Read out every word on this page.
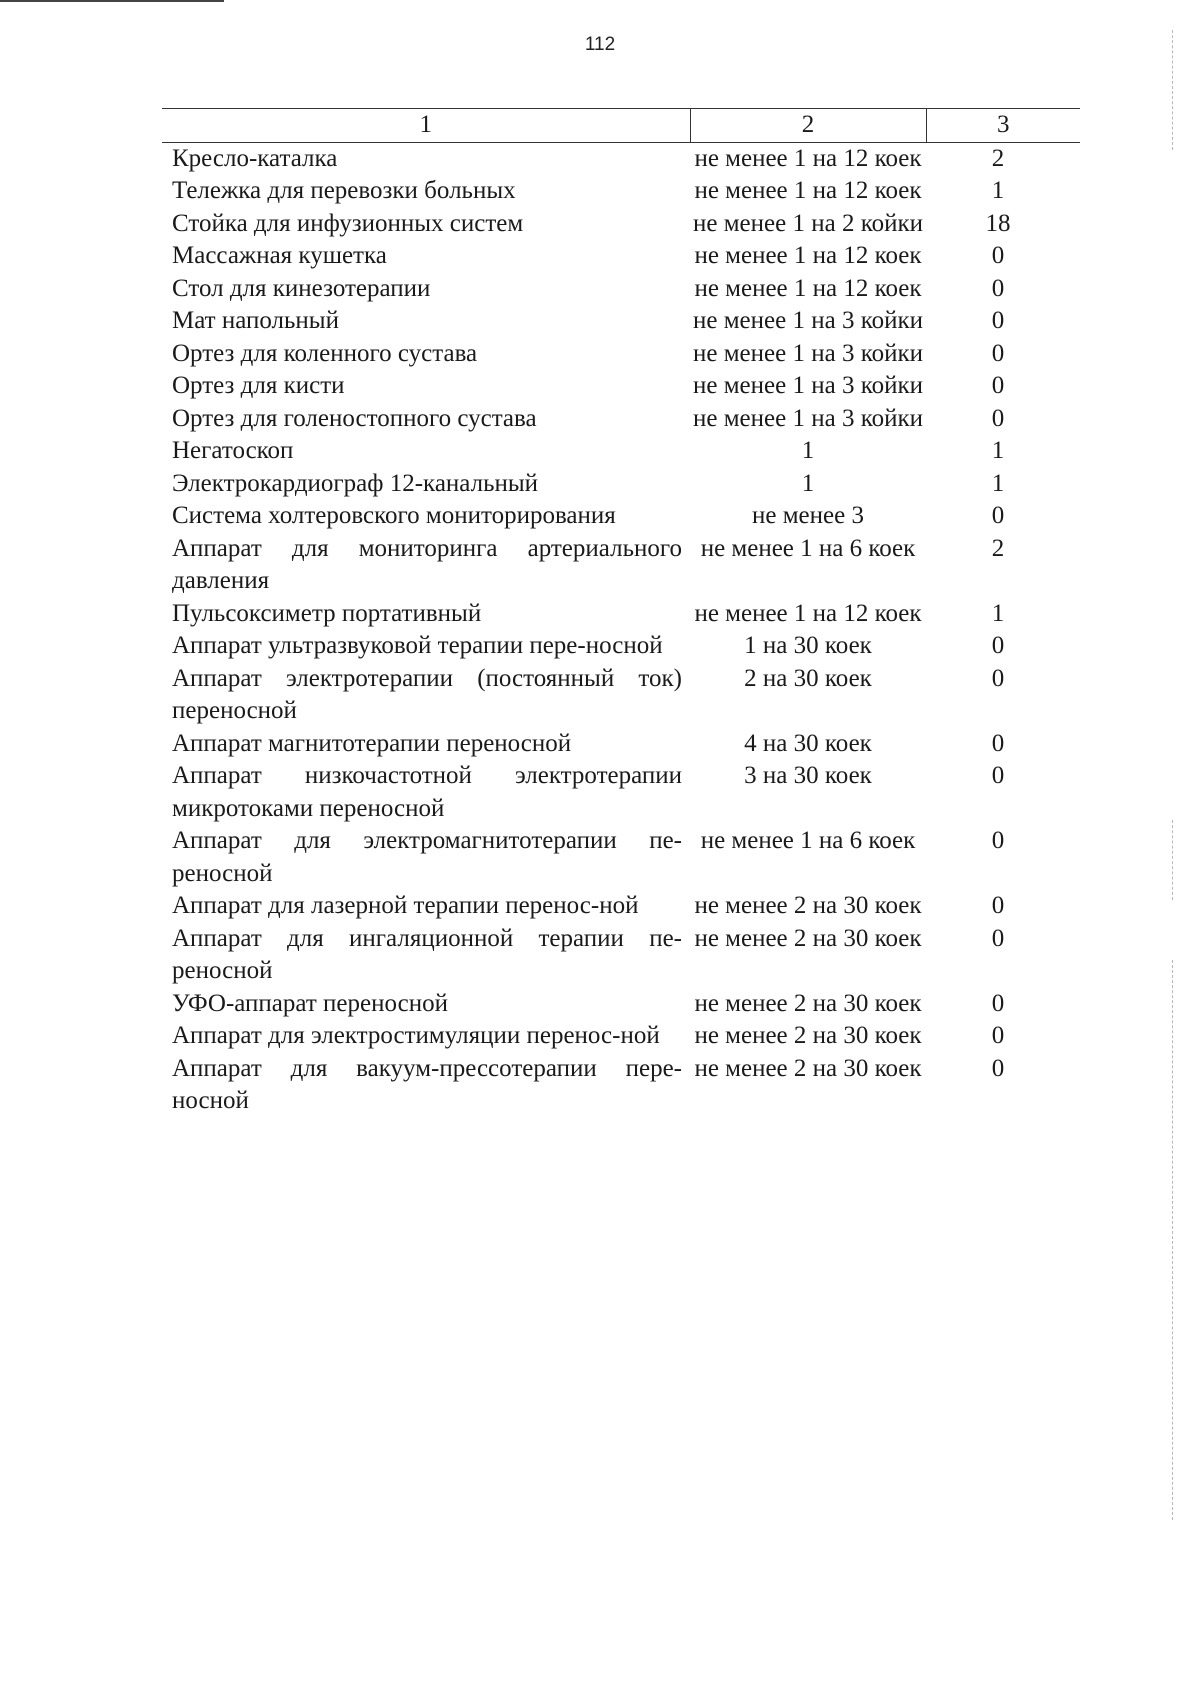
112
1	2	3
Кресло-каталка	не менее 1 на 12 коек	2
Тележка для перевозки больных	не менее 1 на 12 коек	1
Стойка для инфузионных систем	не менее 1 на 2 койки	18
Массажная кушетка	не менее 1 на 12 коек	0
Стол для кинезотерапии	не менее 1 на 12 коек	0
Мат напольный	не менее 1 на 3 койки	0
Ортез для коленного сустава	не менее 1 на 3 койки	0
Ортез для кисти	не менее 1 на 3 койки	0
Ортез для голеностопного сустава	не менее 1 на 3 койки	0
Негатоскоп	1	1
Электрокардиограф 12-канальный	1	1
Система холтеровского мониторирования	не менее 3	0
Аппарат для мониторинга артериального давления	не менее 1 на 6 коек	2
Пульсоксиметр портативный	не менее 1 на 12 коек	1
Аппарат ультразвуковой терапии пере-носной	1 на 30 коек	0
Аппарат электротерапии (постоянный ток) переносной	2 на 30 коек	0
Аппарат магнитотерапии переносной	4 на 30 коек	0
Аппарат низкочастотной электротерапии микротоками переносной	3 на 30 коек	0
Аппарат для электромагнитотерапии пе-реносной	не менее 1 на 6 коек	0
Аппарат для лазерной терапии перенос-ной	не менее 2 на 30 коек	0
Аппарат для ингаляционной терапии пе-реносной	не менее 2 на 30 коек	0
УФО-аппарат переносной	не менее 2 на 30 коек	0
Аппарат для электростимуляции перенос-ной	не менее 2 на 30 коек	0
Аппарат для вакуум-прессотерапии пере-носной	не менее 2 на 30 коек	0
